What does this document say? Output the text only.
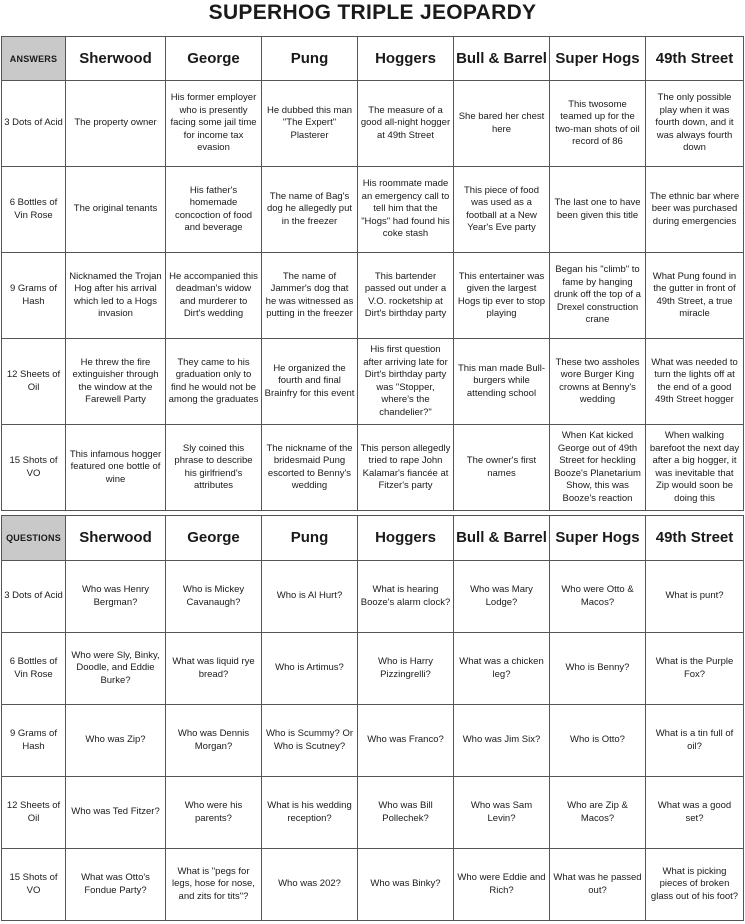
SUPERHOG TRIPLE JEOPARDY
ANSWERS	Sherwood	George	Pung	Hoggers	Bull & Barrel	Super Hogs	49th Street
3 Dots of Acid	The property owner	His former employer who is presently facing some jail time for income tax evasion	He dubbed this man "The Expert" Plasterer	The measure of a good all-night hogger at 49th Street	She bared her chest here	This twosome teamed up for the two-man shots of oil record of 86	The only possible play when it was fourth down, and it was always fourth down
6 Bottles of Vin Rose	The original tenants	His father's homemade concoction of food and beverage	The name of Bag's dog he allegedly put in the freezer	His roommate made an emergency call to tell him that the "Hogs" had found his coke stash	This piece of food was used as a football at a New Year's Eve party	The last one to have been given this title	The ethnic bar where beer was purchased during emergencies
9 Grams of Hash	Nicknamed the Trojan Hog after his arrival which led to a Hogs invasion	He accompanied this deadman's widow and murderer to Dirt's wedding	The name of Jammer's dog that he was witnessed as putting in the freezer	This bartender passed out under a V.O. rocketship at Dirt's birthday party	This entertainer was given the largest Hogs tip ever to stop playing	Began his "climb" to fame by hanging drunk off the top of a Drexel construction crane	What Pung found in the gutter in front of 49th Street, a true miracle
12 Sheets of Oil	He threw the fire extinguisher through the window at the Farewell Party	They came to his graduation only to find he would not be among the graduates	He organized the fourth and final Brainfry for this event	His first question after arriving late for Dirt's birthday party was "Stopper, where's the chandelier?"	This man made Bull-burgers while attending school	These two assholes wore Burger King crowns at Benny's wedding	What was needed to turn the lights off at the end of a good 49th Street hogger
15 Shots of VO	This infamous hogger featured one bottle of wine	Sly coined this phrase to describe his girlfriend's attributes	The nickname of the bridesmaid Pung escorted to Benny's wedding	This person allegedly tried to rape John Kalamar's fiancée at Fitzer's party	The owner's first names	When Kat kicked George out of 49th Street for heckling Booze's Planetarium Show, this was Booze's reaction	When walking barefoot the next day after a big hogger, it was inevitable that Zip would soon be doing this
QUESTIONS	Sherwood	George	Pung	Hoggers	Bull & Barrel	Super Hogs	49th Street
3 Dots of Acid	Who was Henry Bergman?	Who is Mickey Cavanaugh?	Who is Al Hurt?	What is hearing Booze's alarm clock?	Who was Mary Lodge?	Who were Otto & Macos?	What is punt?
6 Bottles of Vin Rose	Who were Sly, Binky, Doodle, and Eddie Burke?	What was liquid rye bread?	Who is Artimus?	Who is Harry Pizzingrelli?	What was a chicken leg?	Who is Benny?	What is the Purple Fox?
9 Grams of Hash	Who was Zip?	Who was Dennis Morgan?	Who is Scummy? Or Who is Scutney?	Who was Franco?	Who was Jim Six?	Who is Otto?	What is a tin full of oil?
12 Sheets of Oil	Who was Ted Fitzer?	Who were his parents?	What is his wedding reception?	Who was Bill Pollechek?	Who was Sam Levin?	Who are Zip & Macos?	What was a good set?
15 Shots of VO	What was Otto's Fondue Party?	What is "pegs for legs, hose for nose, and zits for tits"?	Who was 202?	Who was Binky?	Who were Eddie and Rich?	What was he passed out?	What is picking pieces of broken glass out of his foot?
